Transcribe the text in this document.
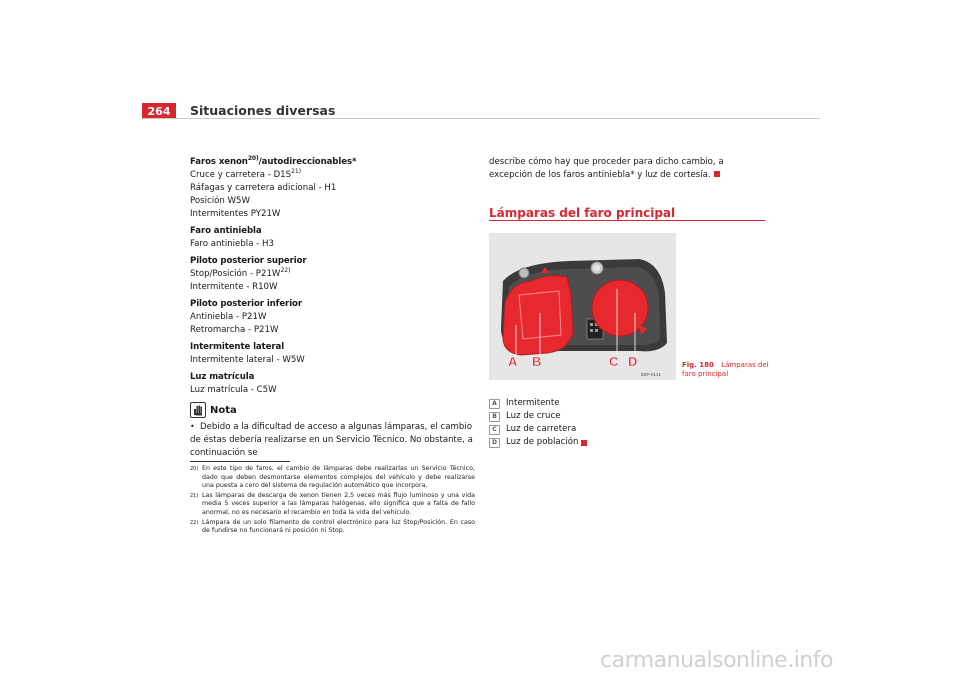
264	Situaciones diversas
Faros xenon$^{20)}$/autodireccionables*
Cruce y carretera - $D1S^{21)}$
Ráfagas y carretera adicional - H1
Posición W5W
Intermitentes PY21W
Faro antiniebla
Faro antiniebla - H3
Piloto posterior superior
Stop/Posición - $P21W^{22)}$
Intermitente - R10W
Piloto posterior inferior
Antiniebla - P21W
Retromarcha - P21W
Intermitente lateral
Intermitente lateral - W5W
Luz matrícula
Luz matrícula - C5W
Nota
• Debido a la dificultad de acceso a algunas lámparas, el cambio de éstas debería realizarse en un Servicio Técnico. No obstante, a continuación se
20) En este tipo de faros, el cambio de lámparas debe realizarlas un Servicio Técnico, dado que deben desmontarse elementos complejos del vehículo y debe realizarse una puesta a cero del sistema de regulación automático que incorpora.
21) Las lámparas de descarga de xenon tienen 2,5 veces más flujo luminoso y una vida media 5 veces superior a las lámparas halógenas, ello significa que a falta de fallo anormal, no es necesario el recambio en toda la vida del vehículo.
22) Lámpara de un solo filamento de control electrónico para luz Stop/Posición. En caso de fundirse no funcionará ni posición ni Stop.
describe cómo hay que proceder para dicho cambio, a excepción de los faros antiniebla* y luz de cortesía.
Lámparas del faro principal
A B	C D
B5P-0131
Fig. 180 Lámparas del faro principal
A	Intermitente
B	Luz de cruce
C	Luz de carretera
D	Luz de población
carmanualsonline.info
